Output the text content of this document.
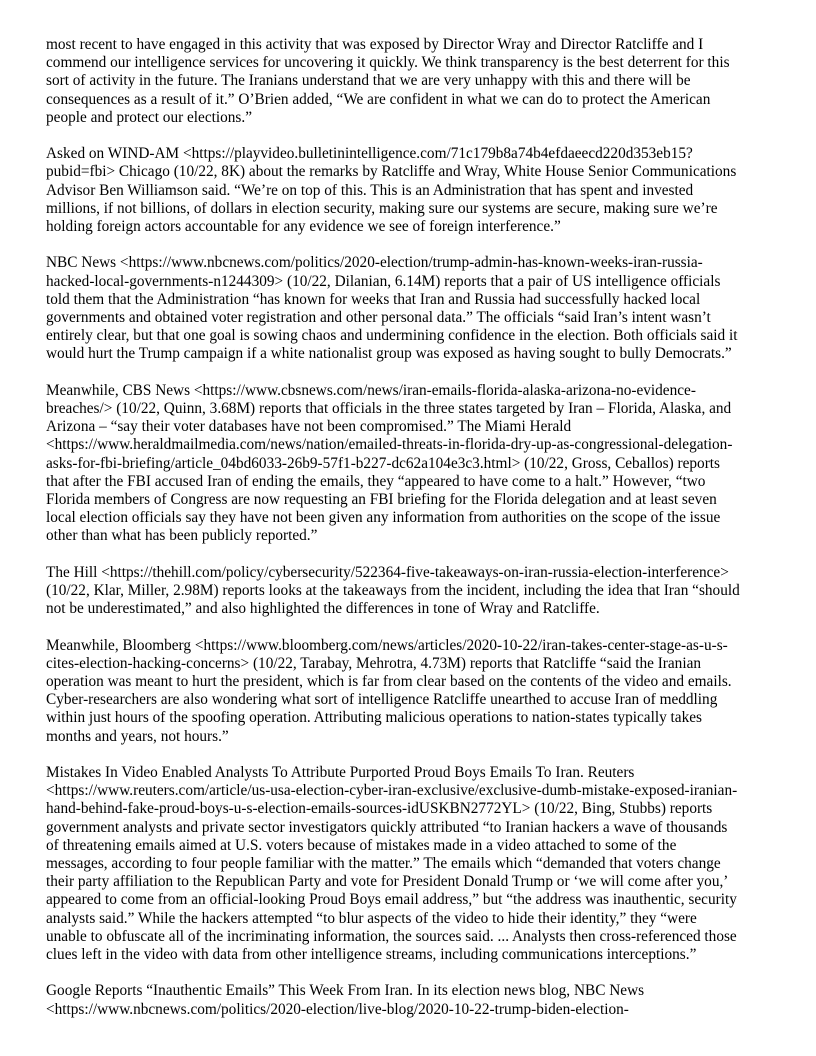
most recent to have engaged in this activity that was exposed by Director Wray and Director Ratcliffe and I
commend our intelligence services for uncovering it quickly. We think transparency is the best deterrent for this
sort of activity in the future. The Iranians understand that we are very unhappy with this and there will be
consequences as a result of it.” O’Brien added, “We are confident in what we can do to protect the American
people and protect our elections.”

Asked on WIND-AM <https://playvideo.bulletinintelligence.com/71c179b8a74b4efdaeecd220d353eb15?
pubid=fbi> Chicago (10/22, 8K) about the remarks by Ratcliffe and Wray, White House Senior Communications
Advisor Ben Williamson said. “We’re on top of this. This is an Administration that has spent and invested
millions, if not billions, of dollars in election security, making sure our systems are secure, making sure we’re
holding foreign actors accountable for any evidence we see of foreign interference.”

NBC News <https://www.nbcnews.com/politics/2020-election/trump-admin-has-known-weeks-iran-russia-
hacked-local-governments-n1244309> (10/22, Dilanian, 6.14M) reports that a pair of US intelligence officials
told them that the Administration “has known for weeks that Iran and Russia had successfully hacked local
governments and obtained voter registration and other personal data.” The officials “said Iran’s intent wasn’t
entirely clear, but that one goal is sowing chaos and undermining confidence in the election. Both officials said it
would hurt the Trump campaign if a white nationalist group was exposed as having sought to bully Democrats.”

Meanwhile, CBS News <https://www.cbsnews.com/news/iran-emails-florida-alaska-arizona-no-evidence-
breaches/> (10/22, Quinn, 3.68M) reports that officials in the three states targeted by Iran – Florida, Alaska, and
Arizona – “say their voter databases have not been compromised.” The Miami Herald
<https://www.heraldmailmedia.com/news/nation/emailed-threats-in-florida-dry-up-as-congressional-delegation-
asks-for-fbi-briefing/article_04bd6033-26b9-57f1-b227-dc62a104e3c3.html> (10/22, Gross, Ceballos) reports
that after the FBI accused Iran of ending the emails, they “appeared to have come to a halt.” However, “two
Florida members of Congress are now requesting an FBI briefing for the Florida delegation and at least seven
local election officials say they have not been given any information from authorities on the scope of the issue
other than what has been publicly reported.”

The Hill <https://thehill.com/policy/cybersecurity/522364-five-takeaways-on-iran-russia-election-interference>
(10/22, Klar, Miller, 2.98M) reports looks at the takeaways from the incident, including the idea that Iran “should
not be underestimated,” and also highlighted the differences in tone of Wray and Ratcliffe.

Meanwhile, Bloomberg <https://www.bloomberg.com/news/articles/2020-10-22/iran-takes-center-stage-as-u-s-
cites-election-hacking-concerns> (10/22, Tarabay, Mehrotra, 4.73M) reports that Ratcliffe “said the Iranian
operation was meant to hurt the president, which is far from clear based on the contents of the video and emails.
Cyber-researchers are also wondering what sort of intelligence Ratcliffe unearthed to accuse Iran of meddling
within just hours of the spoofing operation. Attributing malicious operations to nation-states typically takes
months and years, not hours.”

Mistakes In Video Enabled Analysts To Attribute Purported Proud Boys Emails To Iran. Reuters
<https://www.reuters.com/article/us-usa-election-cyber-iran-exclusive/exclusive-dumb-mistake-exposed-iranian-
hand-behind-fake-proud-boys-u-s-election-emails-sources-idUSKBN2772YL> (10/22, Bing, Stubbs) reports
government analysts and private sector investigators quickly attributed “to Iranian hackers a wave of thousands
of threatening emails aimed at U.S. voters because of mistakes made in a video attached to some of the
messages, according to four people familiar with the matter.” The emails which “demanded that voters change
their party affiliation to the Republican Party and vote for President Donald Trump or ‘we will come after you,’
appeared to come from an official-looking Proud Boys email address,” but “the address was inauthentic, security
analysts said.” While the hackers attempted “to blur aspects of the video to hide their identity,” they “were
unable to obfuscate all of the incriminating information, the sources said. ... Analysts then cross-referenced those
clues left in the video with data from other intelligence streams, including communications interceptions.”

Google Reports “Inauthentic Emails” This Week From Iran. In its election news blog, NBC News
<https://www.nbcnews.com/politics/2020-election/live-blog/2020-10-22-trump-biden-election-
